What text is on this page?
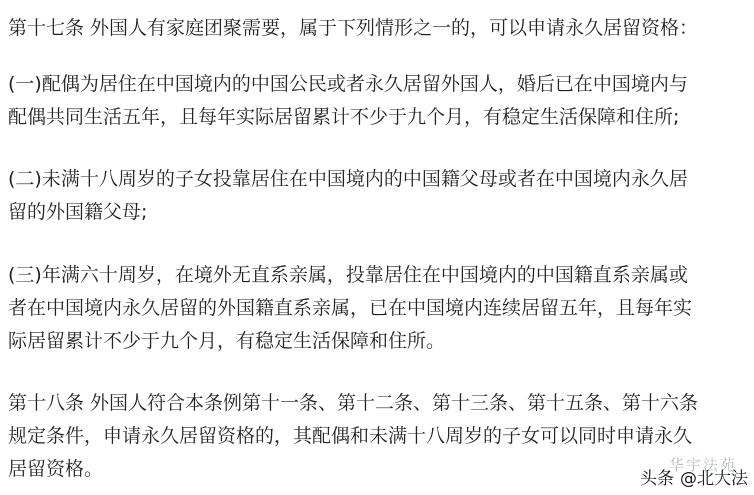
第十七条 外国人有家庭团聚需要，属于下列情形之一的，可以申请永久居留资格：

(一)配偶为居住在中国境内的中国公民或者永久居留外国人，婚后已在中国境内与
配偶共同生活五年，且每年实际居留累计不少于九个月，有稳定生活保障和住所;

(二)未满十八周岁的子女投靠居住在中国境内的中国籍父母或者在中国境内永久居
留的外国籍父母;

(三)年满六十周岁，在境外无直系亲属，投靠居住在中国境内的中国籍直系亲属或
者在中国境内永久居留的外国籍直系亲属，已在中国境内连续居留五年，且每年实
际居留累计不少于九个月，有稳定生活保障和住所。

第十八条 外国人符合本条例第十一条、第十二条、第十三条、第十五条、第十六条
规定条件，申请永久居留资格的，其配偶和未满十八周岁的子女可以同时申请永久
居留资格。	华宇法苑
头条 @北大法
